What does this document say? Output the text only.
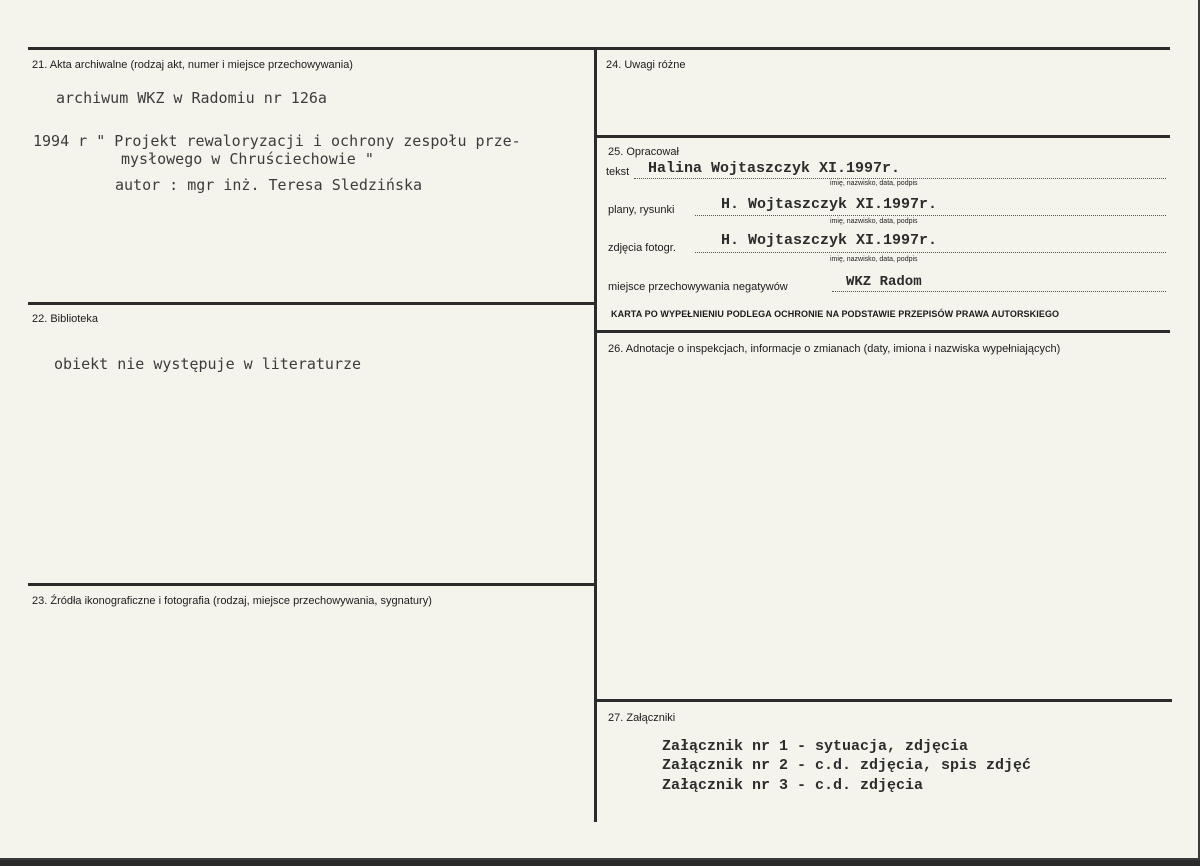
21. Akta archiwalne (rodzaj akt, numer i miejsce przechowywania)
archiwum WKZ w Radomiu nr 126a
1994 r " Projekt rewaloryzacji i ochrony zespołu prze-
mysłowego w Chruściechowie "
autor : mgr inż. Teresa Sledzińska
22. Biblioteka
obiekt nie występuje w literaturze
23. Źródła ikonograficzne i fotografia (rodzaj, miejsce przechowywania, sygnatury)
24. Uwagi różne
25. Opracował
tekst Halina Wojtaszczyk XI.1997r.
imię, nazwisko, data, podpis
plany, rysunki	H. Wojtaszczyk XI.1997r.
imię, nazwisko, data, podpis
zdjęcia fotogr.	H. Wojtaszczyk XI.1997r.
imię, nazwisko, data, podpis
miejsce przechowywania negatywów	WKZ Radom
KARTA PO WYPEŁNIENIU PODLEGA OCHRONIE NA PODSTAWIE PRZEPISÓW PRAWA AUTORSKIEGO
26. Adnotacje o inspekcjach, informacje o zmianach (daty, imiona i nazwiska wypełniających)
27. Załączniki
Załącznik nr 1 - sytuacja, zdjęcia
Załącznik nr 2 - c.d. zdjęcia, spis zdjęć
Załącznik nr 3 - c.d. zdjęcia
